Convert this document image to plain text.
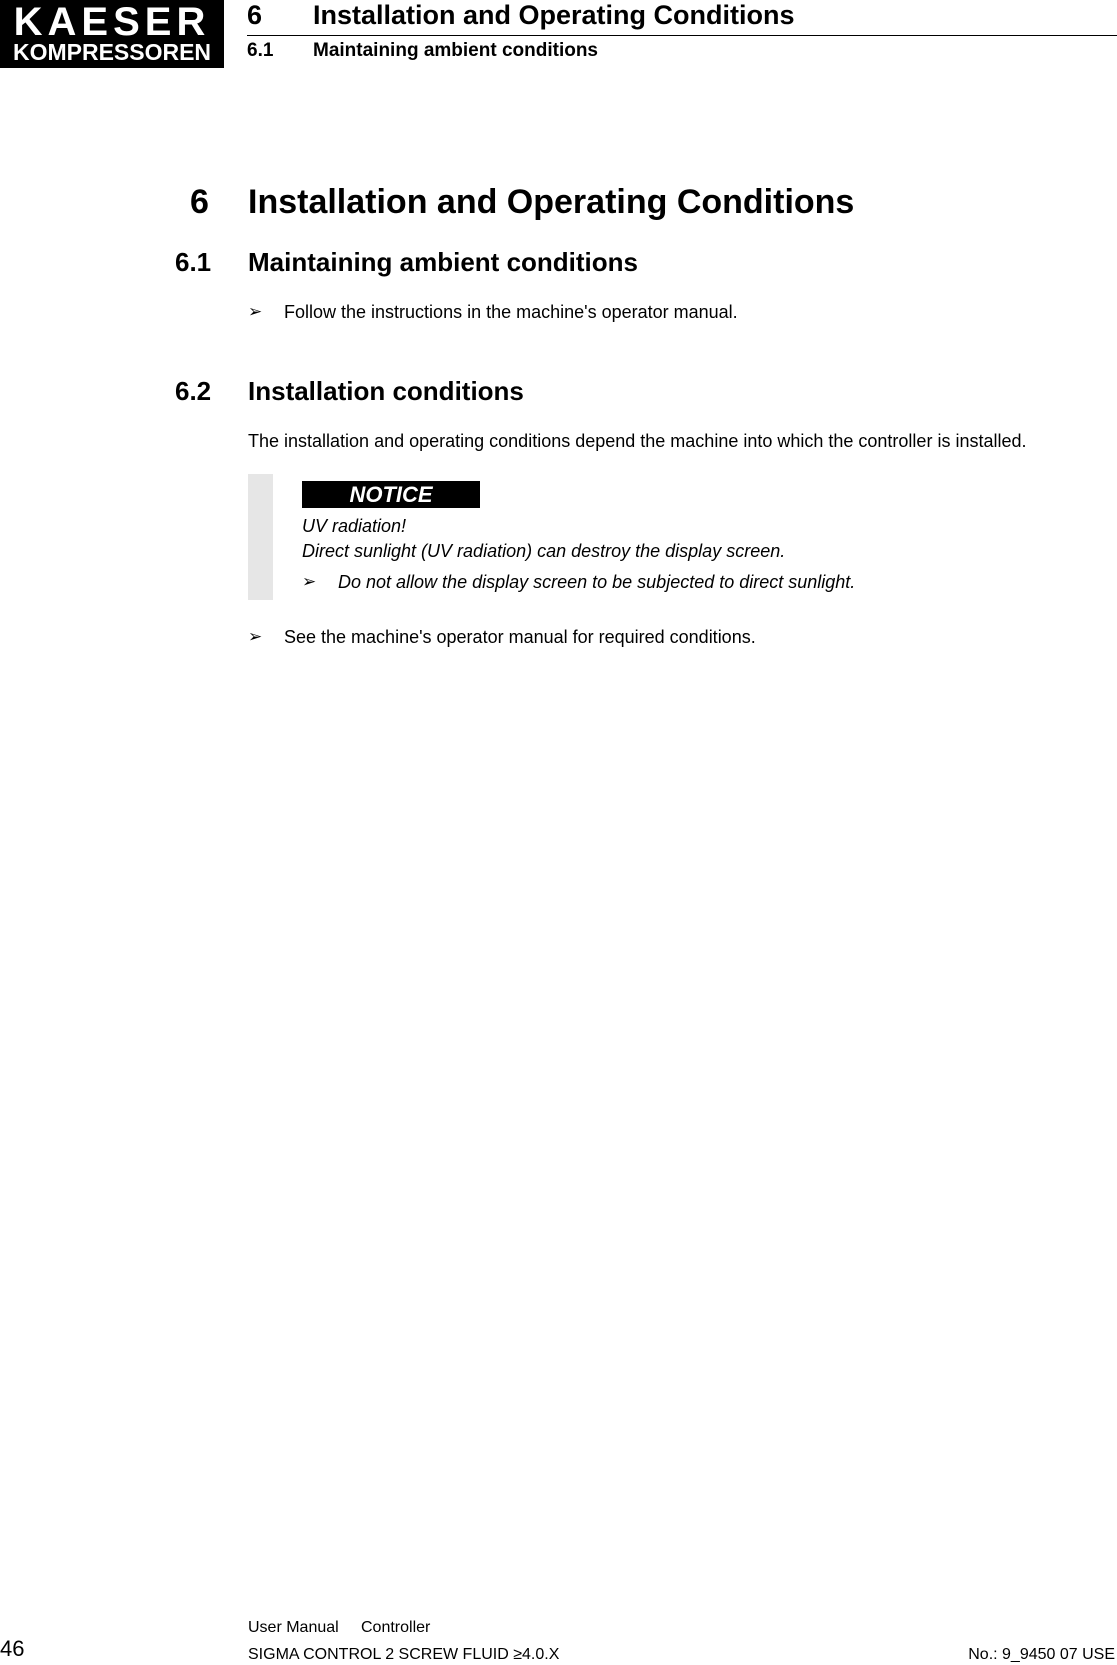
KAESER
KOMPRESSOREN
6 Installation and Operating Conditions
6.1 Maintaining ambient conditions
6 Installation and Operating Conditions
6.1 Maintaining ambient conditions
➢ Follow the instructions in the machine's operator manual.
6.2 Installation conditions
The installation and operating conditions depend the machine into which the controller is installed.
NOTICE
UV radiation!
Direct sunlight (UV radiation) can destroy the display screen.
➢ Do not allow the display screen to be subjected to direct sunlight.
➢ See the machine's operator manual for required conditions.
46
User Manual Controller
SIGMA CONTROL 2 SCREW FLUID ≥4.0.X	No.: 9_9450 07 USE
